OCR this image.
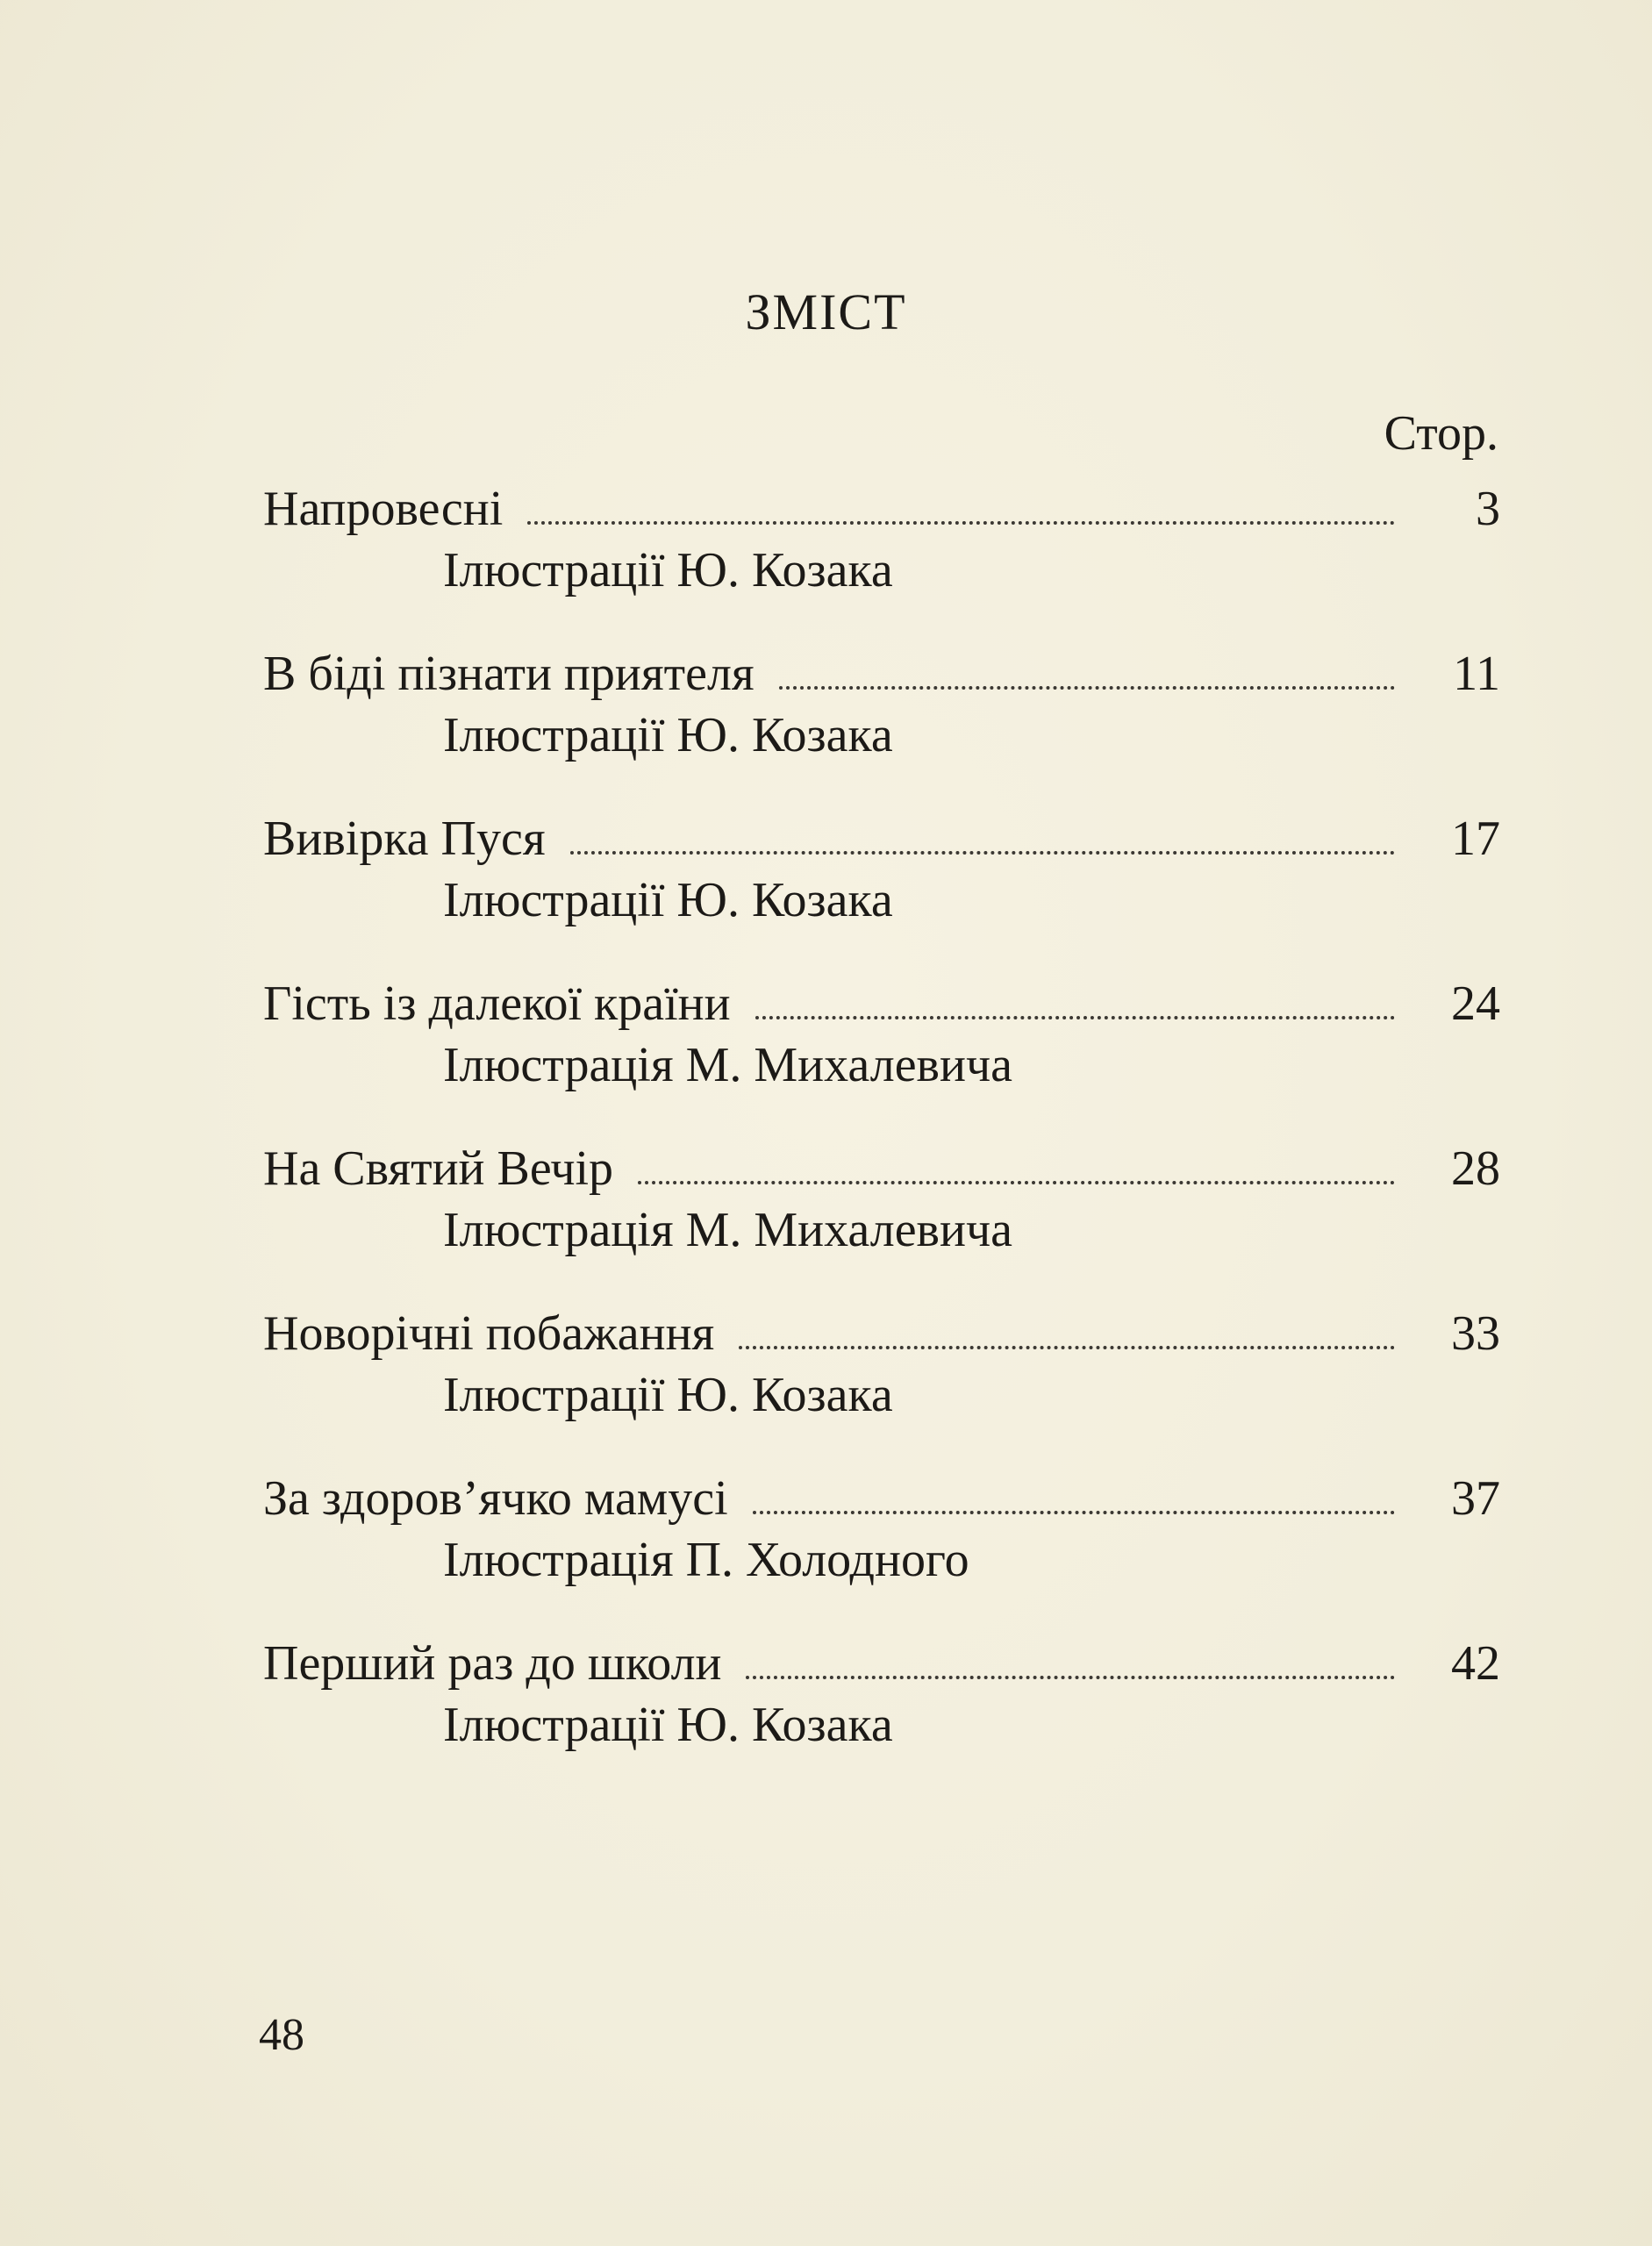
ЗМІСТ
Стор.
Напровесні	3
Ілюстрації Ю. Козака
В біді пізнати приятеля	11
Ілюстрації Ю. Козака
Вивірка Пуся	17
Ілюстрації Ю. Козака
Гість із далекої країни	24
Ілюстрація М. Михалевича
На Святий Вечір	28
Ілюстрація М. Михалевича
Новорічні побажання	33
Ілюстрації Ю. Козака
За здоров’ячко мамусі	37
Ілюстрація П. Холодного
Перший раз до школи	42
Ілюстрації Ю. Козака
48
